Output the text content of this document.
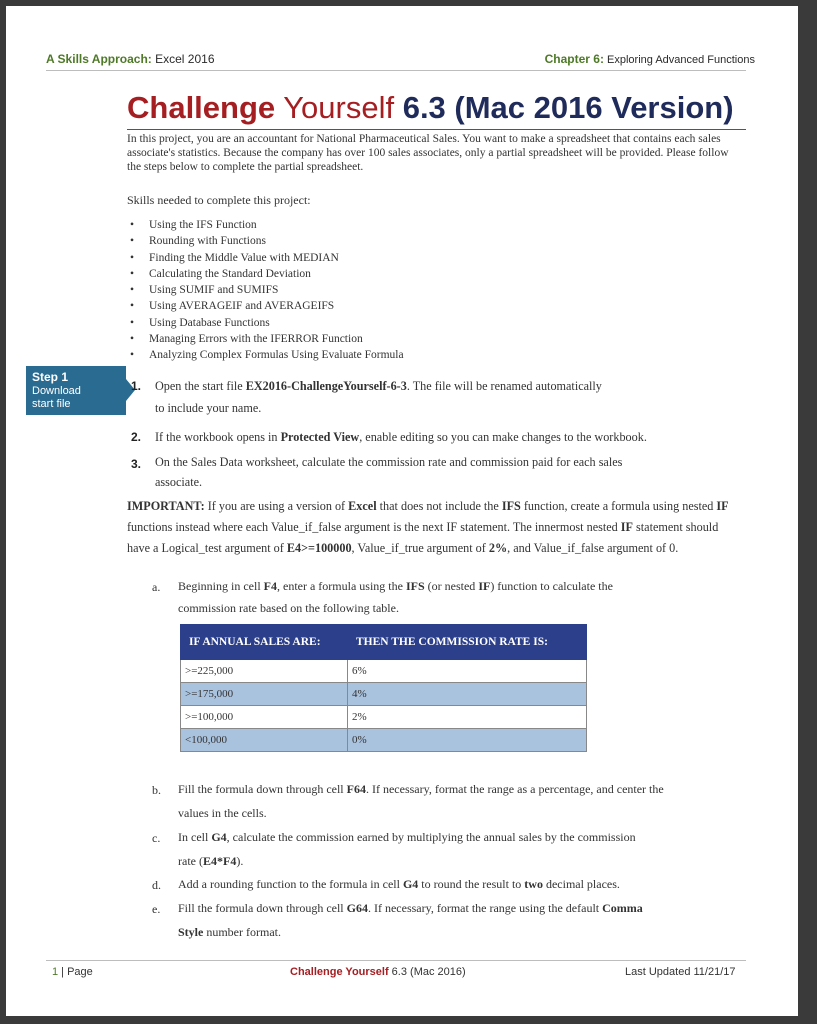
A Skills Approach: Excel 2016	Chapter 6: Exploring Advanced Functions
Challenge Yourself 6.3 (Mac 2016 Version)

In this project, you are an accountant for National Pharmaceutical Sales. You want to make a spreadsheet that contains each sales associate's statistics. Because the company has over 100 sales associates, only a partial spreadsheet will be provided. Please follow the steps below to complete the partial spreadsheet.

Skills needed to complete this project:

• Using the IFS Function
• Rounding with Functions
• Finding the Middle Value with MEDIAN
• Calculating the Standard Deviation
• Using SUMIF and SUMIFS
• Using AVERAGEIF and AVERAGEIFS
• Using Database Functions
• Managing Errors with the IFERROR Function
• Analyzing Complex Formulas Using Evaluate Formula
Step 1
Download
start file
1. Open the start file EX2016-ChallengeYourself-6-3. The file will be renamed automatically
to include your name.
2. If the workbook opens in Protected View, enable editing so you can make changes to the workbook.
3. On the Sales Data worksheet, calculate the commission rate and commission paid for each sales
associate.
IMPORTANT: If you are using a version of Excel that does not include the IFS function, create a formula using nested IF functions instead where each Value_if_false argument is the next IF statement. The innermost nested IF statement should have a Logical_test argument of E4>=100000, Value_if_true argument of 2%, and Value_if_false argument of 0.
a. Beginning in cell F4, enter a formula using the IFS (or nested IF) function to calculate the
commission rate based on the following table.
IF ANNUAL SALES ARE:	THEN THE COMMISSION RATE IS:
>=225,000	6%
>=175,000	4%
>=100,000	2%
<100,000	0%
b. Fill the formula down through cell F64. If necessary, format the range as a percentage, and center the
values in the cells.
c. In cell G4, calculate the commission earned by multiplying the annual sales by the commission
rate (E4*F4).
d. Add a rounding function to the formula in cell G4 to round the result to two decimal places.
e. Fill the formula down through cell G64. If necessary, format the range using the default Comma
Style number format.
1 | Page	Challenge Yourself 6.3 (Mac 2016)	Last Updated 11/21/17
